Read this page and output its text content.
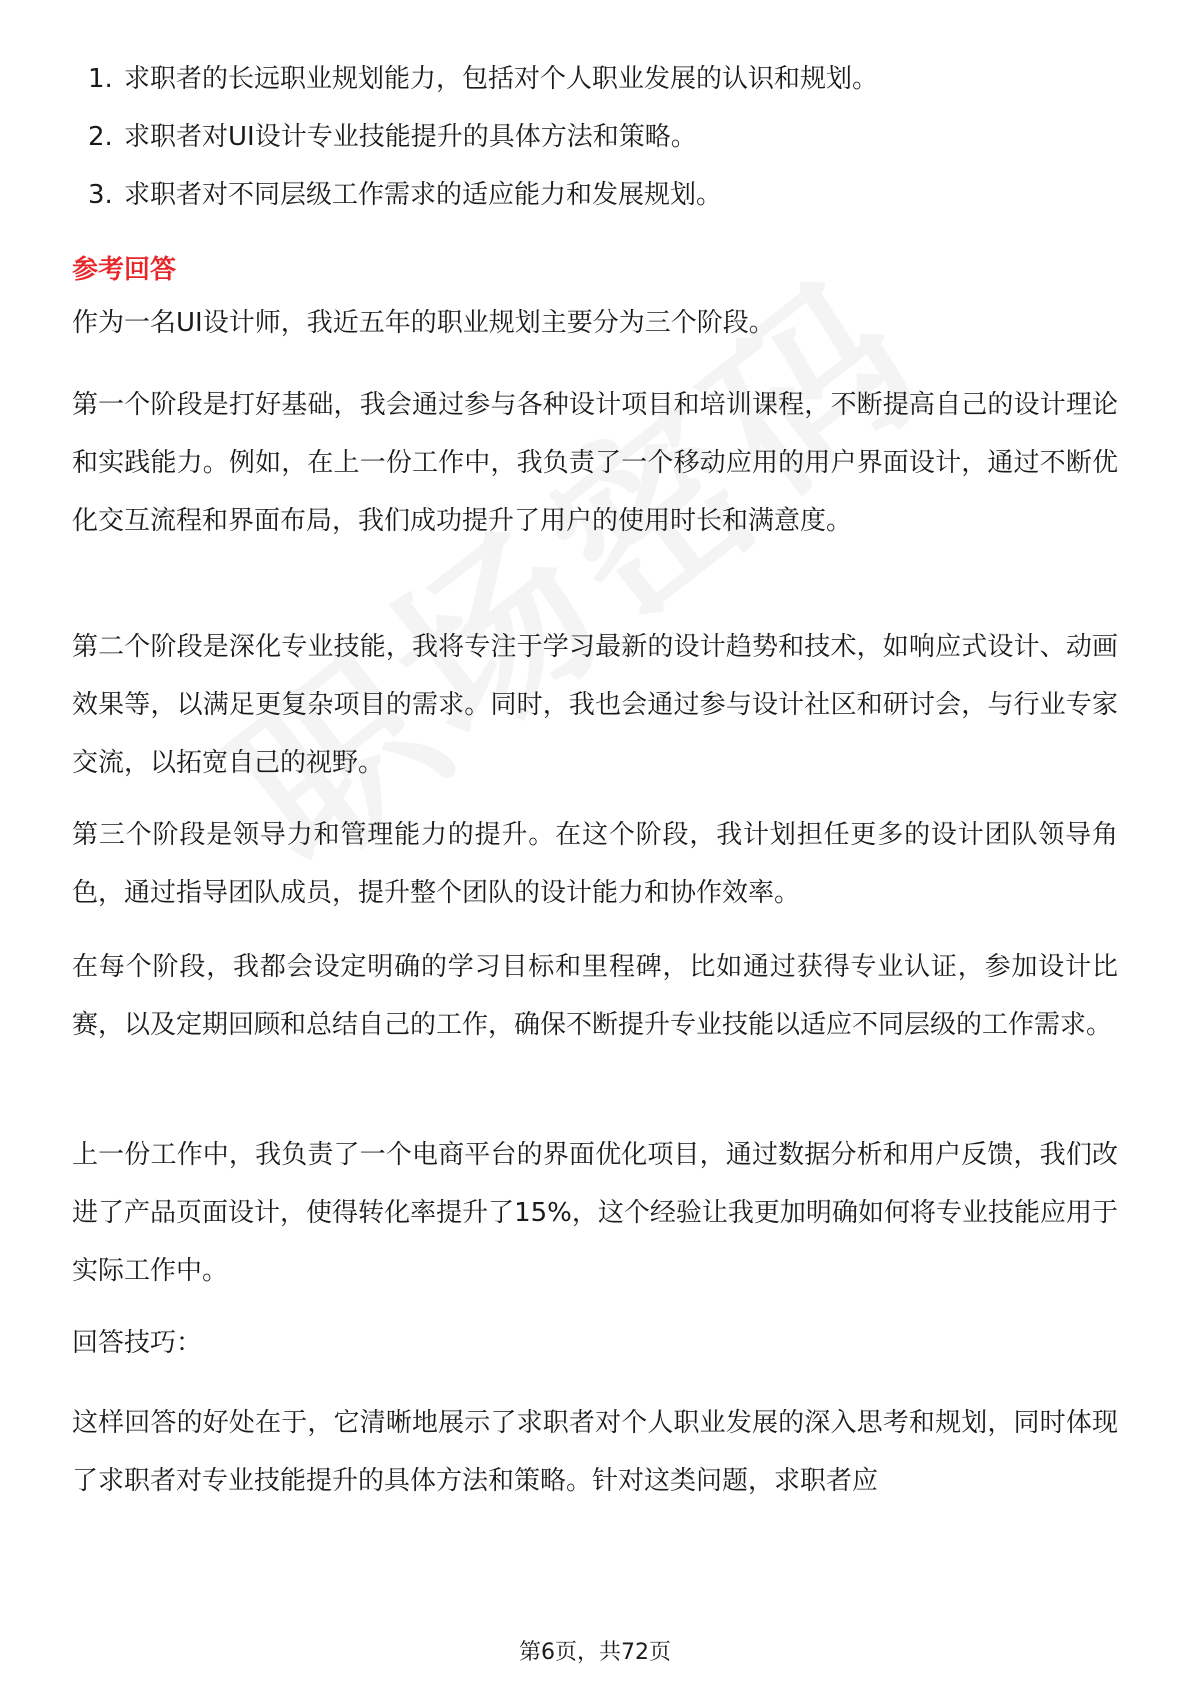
1. 求职者的长远职业规划能力，包括对个人职业发展的认识和规划。
2. 求职者对UI设计专业技能提升的具体方法和策略。
3. 求职者对不同层级工作需求的适应能力和发展规划。
参考回答

作为一名UI设计师，我近五年的职业规划主要分为三个阶段。

第一个阶段是打好基础，我会通过参与各种设计项目和培训课程，不断提高自己的设计理论和实践能力。例如，在上一份工作中，我负责了一个移动应用的用户界面设计，通过不断优化交互流程和界面布局，我们成功提升了用户的使用时长和满意度。

第二个阶段是深化专业技能，我将专注于学习最新的设计趋势和技术，如响应式设计、动画效果等，以满足更复杂项目的需求。同时，我也会通过参与设计社区和研讨会，与行业专家交流，以拓宽自己的视野。

第三个阶段是领导力和管理能力的提升。在这个阶段，我计划担任更多的设计团队领导角色，通过指导团队成员，提升整个团队的设计能力和协作效率。

在每个阶段，我都会设定明确的学习目标和里程碑，比如通过获得专业认证，参加设计比赛，以及定期回顾和总结自己的工作，确保不断提升专业技能以适应不同层级的工作需求。

上一份工作中，我负责了一个电商平台的界面优化项目，通过数据分析和用户反馈，我们改进了产品页面设计，使得转化率提升了15%，这个经验让我更加明确如何将专业技能应用于实际工作中。

回答技巧：

这样回答的好处在于，它清晰地展示了求职者对个人职业发展的深入思考和规划，同时体现了求职者对专业技能提升的具体方法和策略。针对这类问题，求职者应

第6页，共72页
